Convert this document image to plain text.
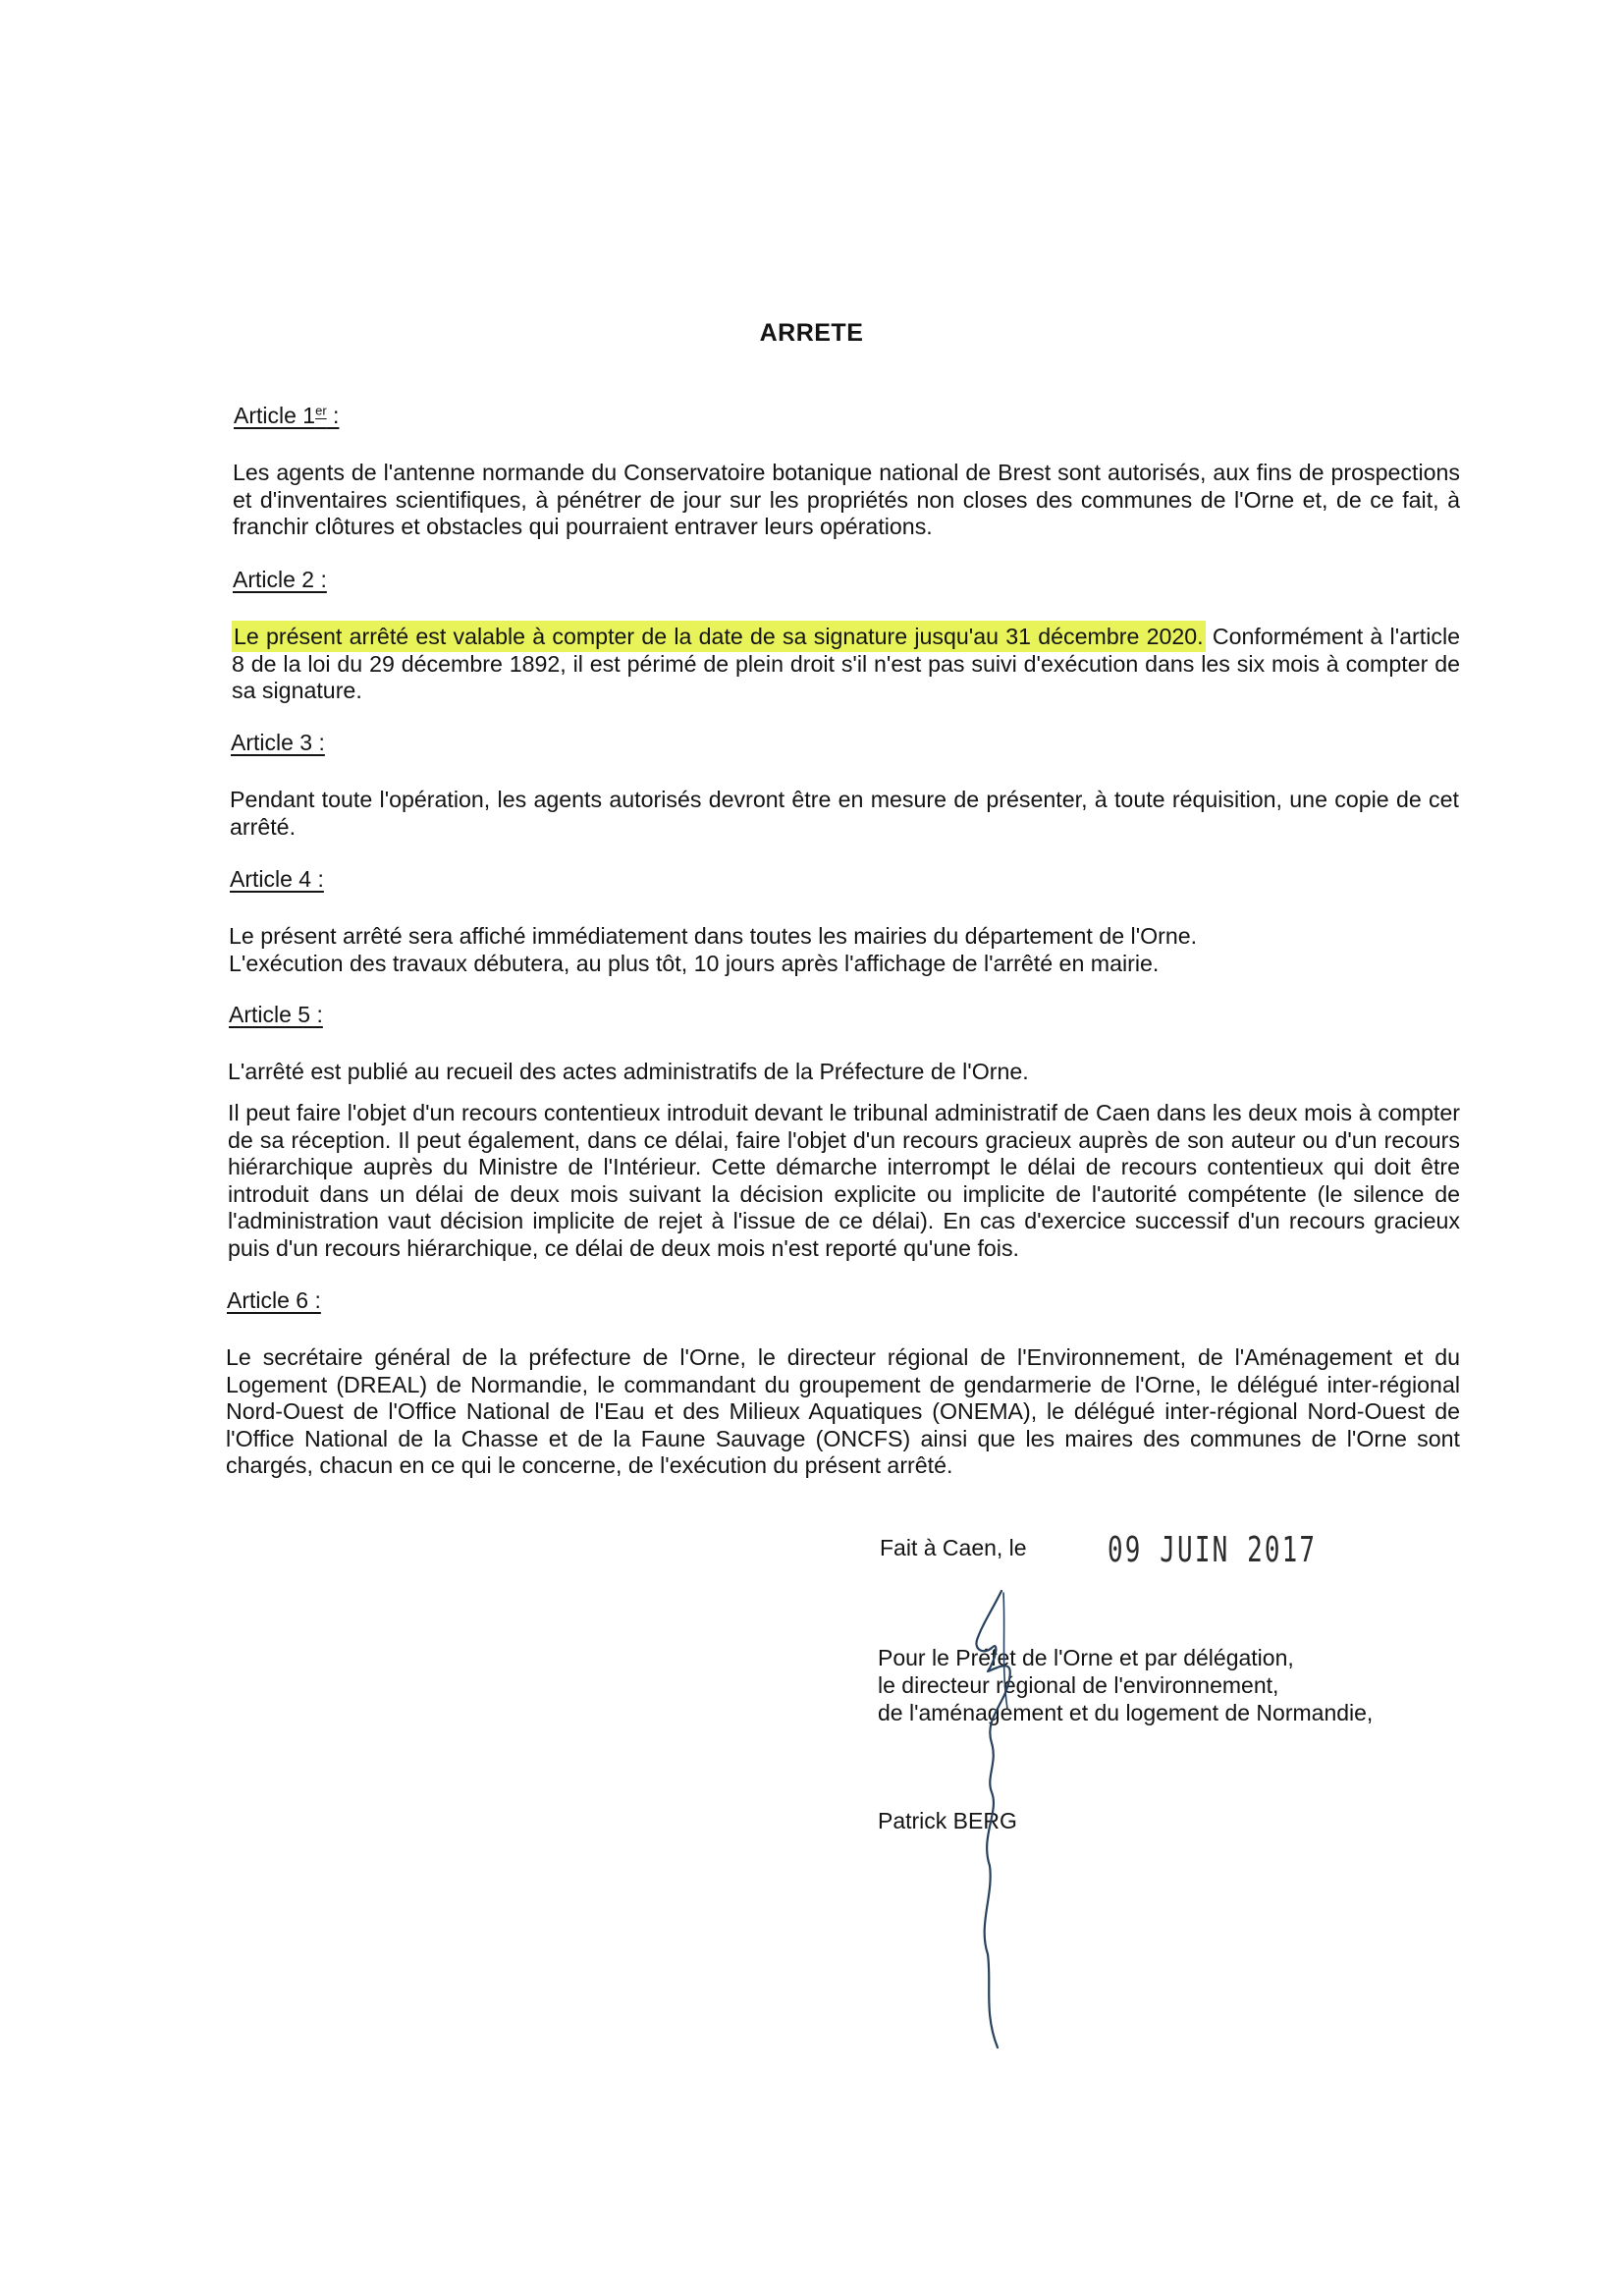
ARRETE
Article 1er :

Les agents de l'antenne normande du Conservatoire botanique national de Brest sont autorisés, aux fins de prospections et d'inventaires scientifiques, à pénétrer de jour sur les propriétés non closes des communes de l'Orne et, de ce fait, à franchir clôtures et obstacles qui pourraient entraver leurs opérations.

Article 2 :

Le présent arrêté est valable à compter de la date de sa signature jusqu'au 31 décembre 2020. Conformément à l'article 8 de la loi du 29 décembre 1892, il est périmé de plein droit s'il n'est pas suivi d'exécution dans les six mois à compter de sa signature.

Article 3 :

Pendant toute l'opération, les agents autorisés devront être en mesure de présenter, à toute réquisition, une copie de cet arrêté.

Article 4 :
Le présent arrêté sera affiché immédiatement dans toutes les mairies du département de l'Orne.
L'exécution des travaux débutera, au plus tôt, 10 jours après l'affichage de l'arrêté en mairie.
Article 5 :

L'arrêté est publié au recueil des actes administratifs de la Préfecture de l'Orne.

Il peut faire l'objet d'un recours contentieux introduit devant le tribunal administratif de Caen dans les deux mois à compter de sa réception. Il peut également, dans ce délai, faire l'objet d'un recours gracieux auprès de son auteur ou d'un recours hiérarchique auprès du Ministre de l'Intérieur. Cette démarche interrompt le délai de recours contentieux qui doit être introduit dans un délai de deux mois suivant la décision explicite ou implicite de l'autorité compétente (le silence de l'administration vaut décision implicite de rejet à l'issue de ce délai). En cas d'exercice successif d'un recours gracieux puis d'un recours hiérarchique, ce délai de deux mois n'est reporté qu'une fois.

Article 6 :

Le secrétaire général de la préfecture de l'Orne, le directeur régional de l'Environnement, de l'Aménagement et du Logement (DREAL) de Normandie, le commandant du groupement de gendarmerie de l'Orne, le délégué inter-régional Nord-Ouest de l'Office National de l'Eau et des Milieux Aquatiques (ONEMA), le délégué inter-régional Nord-Ouest de l'Office National de la Chasse et de la Faune Sauvage (ONCFS) ainsi que les maires des communes de l'Orne sont chargés, chacun en ce qui le concerne, de l'exécution du présent arrêté.

Fait à Caen, le 09 JUIN 2017
Pour le Préfet de l'Orne et par délégation,
le directeur régional de l'environnement,
de l'aménagement et du logement de Normandie,
Patrick BERG
